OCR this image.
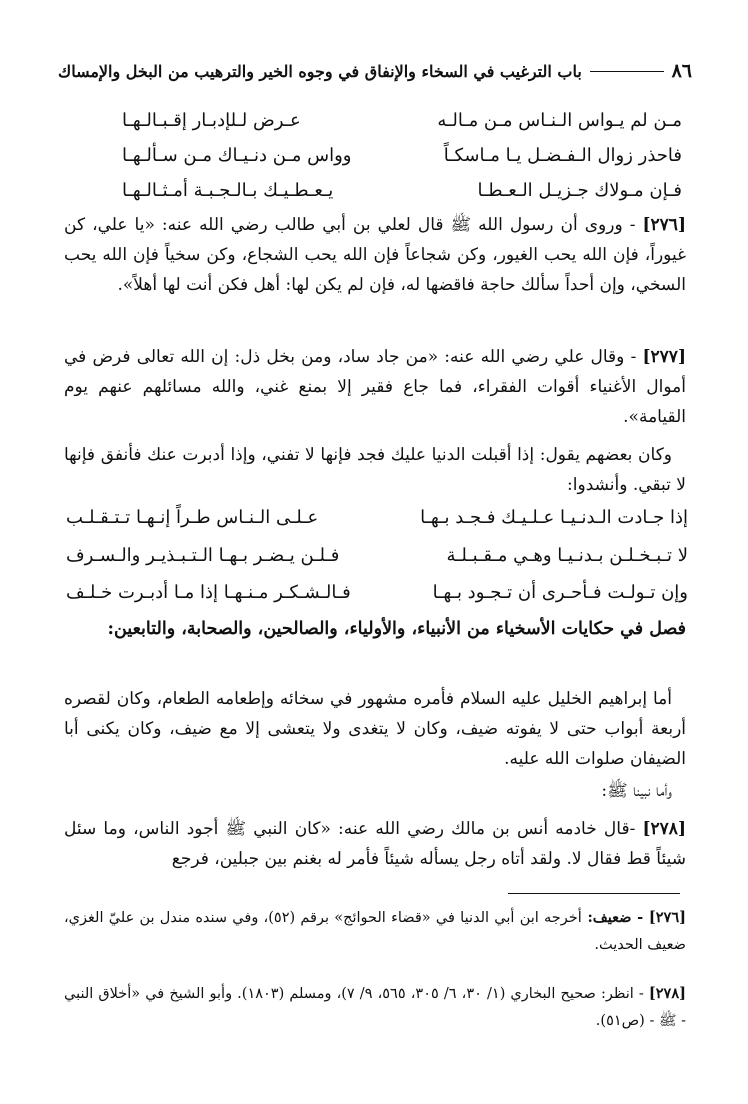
٨٦
باب الترغيب في السخاء والإنفاق في وجوه الخير والترهيب من البخل والإمساك
مـن لم يـواس الـنـاس مـن مـالـه
عـرض لـلإدبـار إقـبـالـهـا
فاحذر زوال الـفـضـل يـا مـاسكـاً
وواس مـن دنـيـاك مـن سـألـهـا
فـإن مـولاك جـزيـل الـعـطـا
يـعـطـيـك بـالـجـبـة أمـثـالـهـا
[٢٧٦] - وروى أن رسول الله ﷺ قال لعلي بن أبي طالب رضي الله عنه: «يا علي، كن غيوراً، فإن الله يحب الغيور، وكن شجاعاً فإن الله يحب الشجاع، وكن سخياً فإن الله يحب السخي، وإن أحداً سألك حاجة فاقضها له، فإن لم يكن لها: أهل فكن أنت لها أهلاً».
[٢٧٧] - وقال علي رضي الله عنه: «من جاد ساد، ومن بخل ذل: إن الله تعالى فرض في أموال الأغنياء أقوات الفقراء، فما جاع فقير إلا بمنع غني، والله مسائلهم عنهم يوم القيامة».
وكان بعضهم يقول: إذا أقبلت الدنيا عليك فجد فإنها لا تفني، وإذا أدبرت عنك فأنفق فإنها لا تبقي. وأنشدوا:
إذا جـادت الـدنـيـا عـلـيـك فـجـد بـهـا
عـلـى الـنـاس طـراً إنـهـا تـتـقـلـب
لا تـبـخـلـن بـدنـيـا وهـي مـقـبـلـة
فـلـن يـضـر بـهـا الـتـبـذيـر والـسـرف
وإن تـولـت فـأحـرى أن تـجـود بـهـا
فـالـشـكـر مـنـهـا إذا مـا أدبـرت خـلـف
فصل في حكايات الأسخياء من الأنبياء، والأولياء، والصالحين، والصحابة، والتابعين:
أما إبراهيم الخليل عليه السلام فأمره مشهور في سخائه وإطعامه الطعام، وكان لقصره أربعة أبواب حتى لا يفوته ضيف، وكان لا يتغدى ولا يتعشى إلا مع ضيف، وكان يكنى أبا الضيفان صلوات الله عليه.
وأما نبينا ﷺ:
[٢٧٨] -قال خادمه أنس بن مالك رضي الله عنه: «كان النبي ﷺ أجود الناس، وما سئل شيئاً قط فقال لا. ولقد أتاه رجل يسأله شيئاً فأمر له بغنم بين جبلين، فرجع
[٢٧٦] - ضعيف: أخرجه ابن أبي الدنيا في «قضاء الحوائج» برقم (٥٢)، وفي سنده مندل بن عليّ الغزي، ضعيف الحديث.
[٢٧٨] - انظر: صحيح البخاري (١/ ٣٠، ٦/ ٣٠٥، ٥٦٥، ٩/ ٧)، ومسلم (١٨٠٣). وأبو الشيخ في «أخلاق النبي - ﷺ - (ص٥١).
